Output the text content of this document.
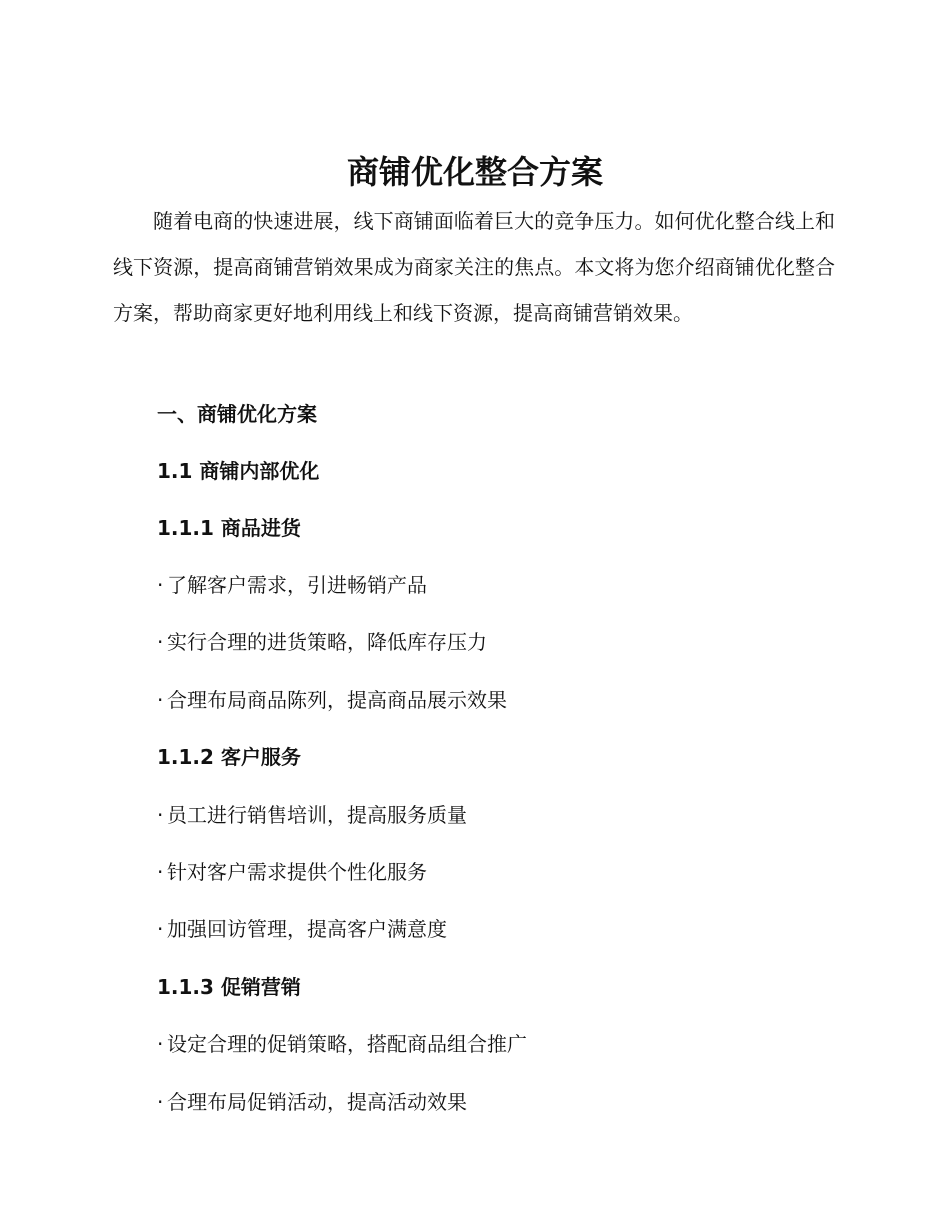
商铺优化整合方案

随着电商的快速进展，线下商铺面临着巨大的竞争压力。如何优化整合线上和线下资源，提高商铺营销效果成为商家关注的焦点。本文将为您介绍商铺优化整合方案，帮助商家更好地利用线上和线下资源，提高商铺营销效果。

一、商铺优化方案
1.1 商铺内部优化
1.1.1 商品进货
· 了解客户需求，引进畅销产品
· 实行合理的进货策略，降低库存压力
· 合理布局商品陈列，提高商品展示效果
1.1.2 客户服务
· 员工进行销售培训，提高服务质量
· 针对客户需求提供个性化服务
· 加强回访管理，提高客户满意度
1.1.3 促销营销
· 设定合理的促销策略，搭配商品组合推广
· 合理布局促销活动，提高活动效果
